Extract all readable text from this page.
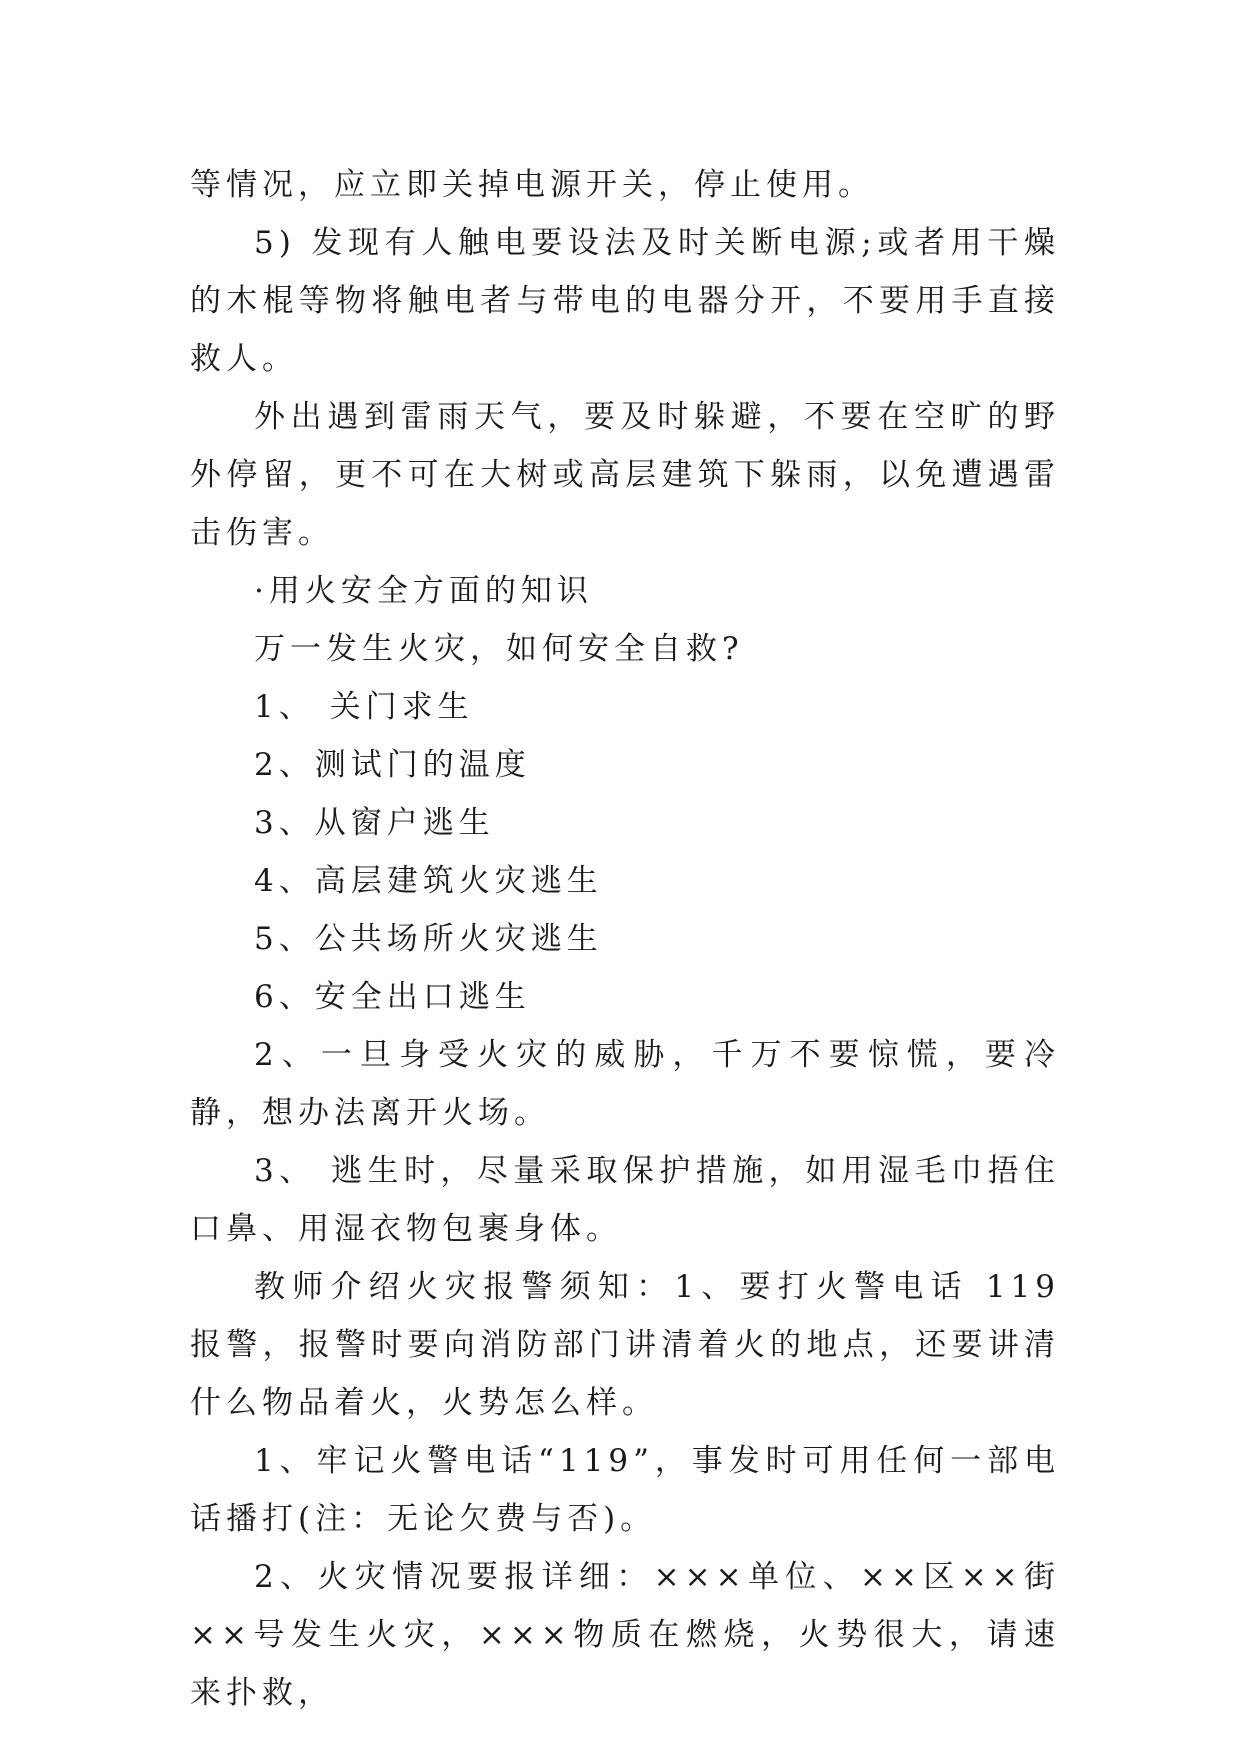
等情况，应立即关掉电源开关，停止使用。

5) 发现有人触电要设法及时关断电源;或者用干燥的木棍等物将触电者与带电的电器分开，不要用手直接救人。

外出遇到雷雨天气，要及时躲避，不要在空旷的野外停留，更不可在大树或高层建筑下躲雨，以免遭遇雷击伤害。

·用火安全方面的知识

万一发生火灾，如何安全自救?

1、 关门求生

2、测试门的温度

3、从窗户逃生

4、高层建筑火灾逃生

5、公共场所火灾逃生

6、安全出口逃生

2、一旦身受火灾的威胁，千万不要惊慌，要冷静，想办法离开火场。

3、 逃生时，尽量采取保护措施，如用湿毛巾捂住口鼻、用湿衣物包裹身体。

教师介绍火灾报警须知：1、要打火警电话 119 报警，报警时要向消防部门讲清着火的地点，还要讲清什么物品着火，火势怎么样。

1、牢记火警电话“119”，事发时可用任何一部电话播打(注：无论欠费与否)。

2、火灾情况要报详细：×××单位、××区××街××号发生火灾，×××物质在燃烧，火势很大，请速来扑救，
